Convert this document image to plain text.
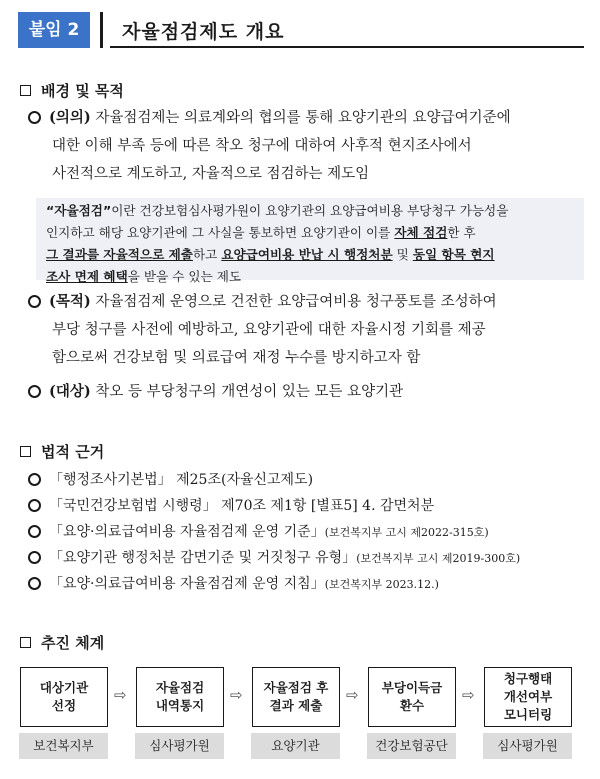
붙임 2	자율점검제도 개요
배경 및 목적
(의의) 자율점검제는 의료계와의 협의를 통해 요양기관의 요양급여기준에
대한 이해 부족 등에 따른 착오 청구에 대하여 사후적 현지조사에서
사전적으로 계도하고, 자율적으로 점검하는 제도임
“자율점검”이란 건강보험심사평가원이 요양기관의 요양급여비용 부당청구 가능성을
인지하고 해당 요양기관에 그 사실을 통보하면 요양기관이 이를 자체 점검한 후
그 결과를 자율적으로 제출하고 요양급여비용 반납 시 행정처분 및 동일 항목 현지
조사 면제 혜택을 받을 수 있는 제도
(목적) 자율점검제 운영으로 건전한 요양급여비용 청구풍토를 조성하여
부당 청구를 사전에 예방하고, 요양기관에 대한 자율시정 기회를 제공
함으로써 건강보험 및 의료급여 재정 누수를 방지하고자 함
(대상) 착오 등 부당청구의 개연성이 있는 모든 요양기관
법적 근거
「행정조사기본법」 제25조(자율신고제도)
「국민건강보험법 시행령」 제70조 제1항 [별표5] 4. 감면처분
「요양·의료급여비용 자율점검제 운영 기준」(보건복지부 고시 제2022-315호)
「요양기관 행정처분 감면기준 및 거짓청구 유형」(보건복지부 고시 제2019-300호)
「요양·의료급여비용 자율점검제 운영 지침」(보건복지부 2023.12.)
추진 체계
대상기관
선정
보건복지부
⇨	자율점검
내역통지
심사평가원
⇨	자율점검 후
결과 제출
요양기관
⇨	부당이득금
환수
건강보험공단
⇨
청구행태
개선여부
모니터링
심사평가원
